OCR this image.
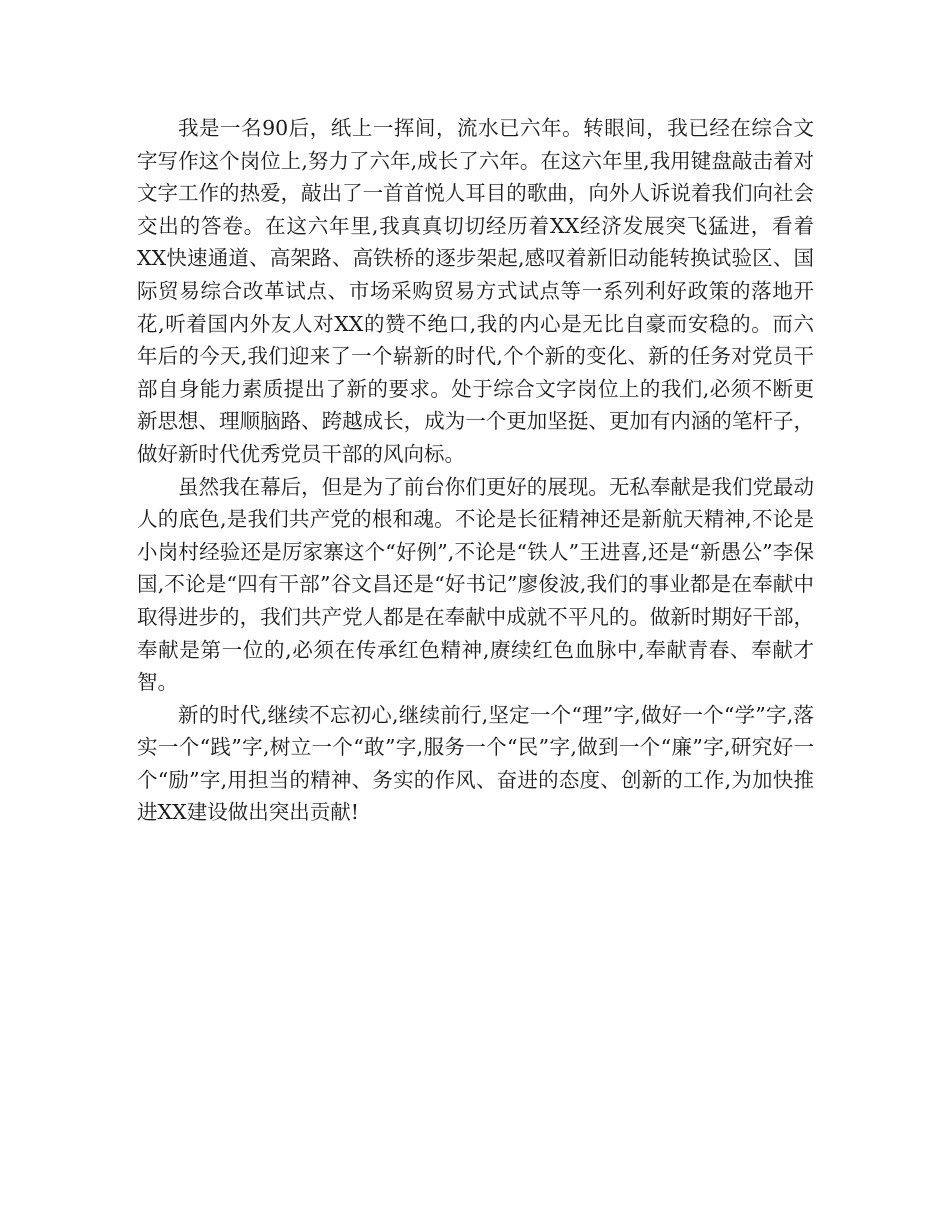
我是一名90后，纸上一挥间，流水已六年。转眼间，我已经在综合文字写作这个岗位上,努力了六年,成长了六年。在这六年里,我用键盘敲击着对文字工作的热爱，敲出了一首首悦人耳目的歌曲，向外人诉说着我们向社会交出的答卷。在这六年里,我真真切切经历着XX经济发展突飞猛进，看着XX快速通道、高架路、高铁桥的逐步架起,感叹着新旧动能转换试验区、国际贸易综合改革试点、市场采购贸易方式试点等一系列利好政策的落地开花,听着国内外友人对XX的赞不绝口,我的内心是无比自豪而安稳的。而六年后的今天,我们迎来了一个崭新的时代,个个新的变化、新的任务对党员干部自身能力素质提出了新的要求。处于综合文字岗位上的我们,必须不断更新思想、理顺脑路、跨越成长，成为一个更加坚挺、更加有内涵的笔杆子，做好新时代优秀党员干部的风向标。

虽然我在幕后，但是为了前台你们更好的展现。无私奉献是我们党最动人的底色,是我们共产党的根和魂。不论是长征精神还是新航天精神,不论是小岗村经验还是厉家寨这个“好例”,不论是“铁人”王进喜,还是“新愚公”李保国,不论是“四有干部”谷文昌还是“好书记”廖俊波,我们的事业都是在奉献中取得进步的，我们共产党人都是在奉献中成就不平凡的。做新时期好干部，奉献是第一位的,必须在传承红色精神,赓续红色血脉中,奉献青春、奉献才智。

新的时代,继续不忘初心,继续前行,坚定一个“理”字,做好一个“学”字,落实一个“践”字,树立一个“敢”字,服务一个“民”字,做到一个“廉”字,研究好一个“励”字,用担当的精神、务实的作风、奋进的态度、创新的工作,为加快推进XX建设做出突出贡献!
